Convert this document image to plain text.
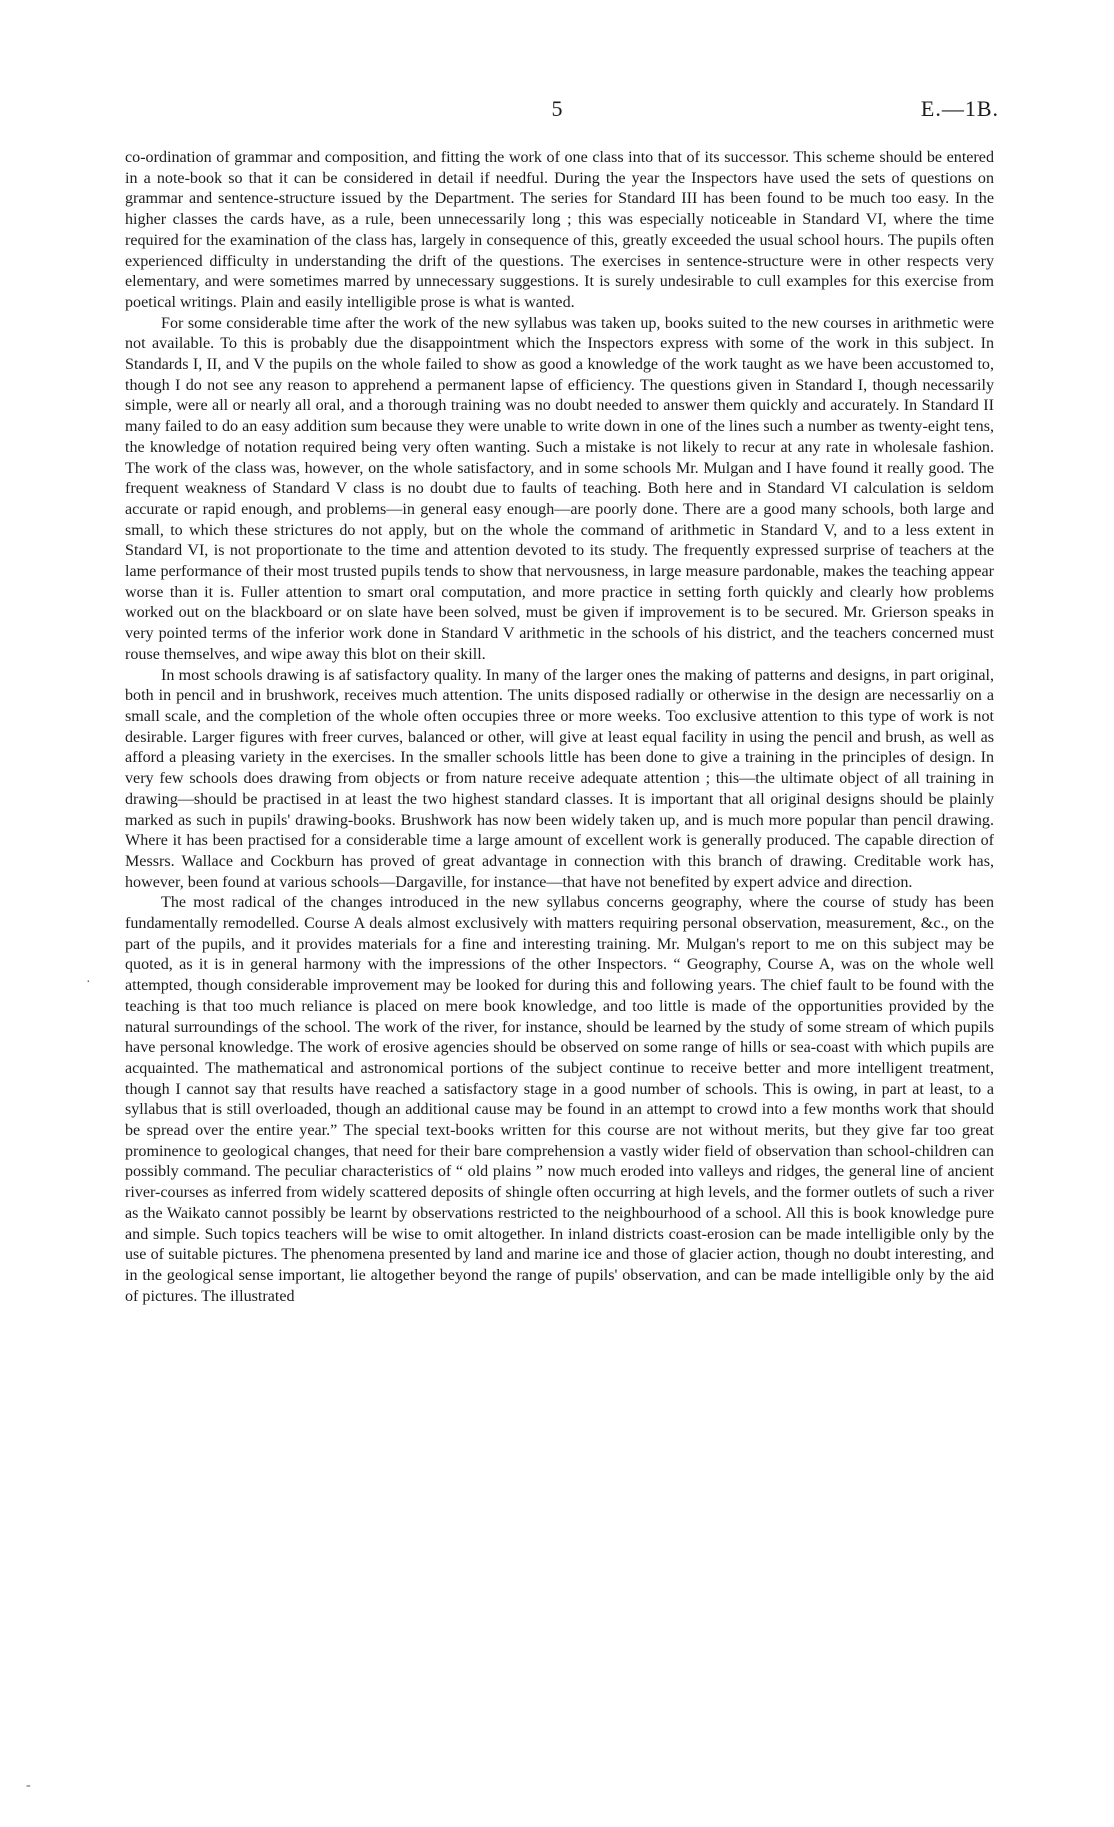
5	E.—1B.

co-ordination of grammar and composition, and fitting the work of one class into that of its successor. This scheme should be entered in a note-book so that it can be considered in detail if needful. During the year the Inspectors have used the sets of questions on grammar and sentence-structure issued by the Department. The series for Standard III has been found to be much too easy. In the higher classes the cards have, as a rule, been unnecessarily long ; this was especially noticeable in Standard VI, where the time required for the examination of the class has, largely in consequence of this, greatly exceeded the usual school hours. The pupils often experienced difficulty in understanding the drift of the questions. The exercises in sentence-structure were in other respects very elementary, and were sometimes marred by unnecessary suggestions. It is surely undesirable to cull examples for this exercise from poetical writings. Plain and easily intelligible prose is what is wanted.

For some considerable time after the work of the new syllabus was taken up, books suited to the new courses in arithmetic were not available. To this is probably due the disappointment which the Inspectors express with some of the work in this subject. In Standards I, II, and V the pupils on the whole failed to show as good a knowledge of the work taught as we have been accustomed to, though I do not see any reason to apprehend a permanent lapse of efficiency. The questions given in Standard I, though necessarily simple, were all or nearly all oral, and a thorough training was no doubt needed to answer them quickly and accurately. In Standard II many failed to do an easy addition sum because they were unable to write down in one of the lines such a number as twenty-eight tens, the knowledge of notation required being very often wanting. Such a mistake is not likely to recur at any rate in wholesale fashion. The work of the class was, however, on the whole satisfactory, and in some schools Mr. Mulgan and I have found it really good. The frequent weakness of Standard V class is no doubt due to faults of teaching. Both here and in Standard VI calculation is seldom accurate or rapid enough, and problems—in general easy enough—are poorly done. There are a good many schools, both large and small, to which these strictures do not apply, but on the whole the command of arithmetic in Standard V, and to a less extent in Standard VI, is not proportionate to the time and attention devoted to its study. The frequently expressed surprise of teachers at the lame performance of their most trusted pupils tends to show that nervousness, in large measure pardonable, makes the teaching appear worse than it is. Fuller attention to smart oral computation, and more practice in setting forth quickly and clearly how problems worked out on the blackboard or on slate have been solved, must be given if improvement is to be secured. Mr. Grierson speaks in very pointed terms of the inferior work done in Standard V arithmetic in the schools of his district, and the teachers concerned must rouse themselves, and wipe away this blot on their skill.

In most schools drawing is af satisfactory quality. In many of the larger ones the making of patterns and designs, in part original, both in pencil and in brushwork, receives much attention. The units disposed radially or otherwise in the design are necessarliy on a small scale, and the completion of the whole often occupies three or more weeks. Too exclusive attention to this type of work is not desirable. Larger figures with freer curves, balanced or other, will give at least equal facility in using the pencil and brush, as well as afford a pleasing variety in the exercises. In the smaller schools little has been done to give a training in the principles of design. In very few schools does drawing from objects or from nature receive adequate attention ; this—the ultimate object of all training in drawing—should be practised in at least the two highest standard classes. It is important that all original designs should be plainly marked as such in pupils' drawing-books. Brushwork has now been widely taken up, and is much more popular than pencil drawing. Where it has been practised for a considerable time a large amount of excellent work is generally produced. The capable direction of Messrs. Wallace and Cockburn has proved of great advantage in connection with this branch of drawing. Creditable work has, however, been found at various schools—Dargaville, for instance—that have not benefited by expert advice and direction.

The most radical of the changes introduced in the new syllabus concerns geography, where the course of study has been fundamentally remodelled. Course A deals almost exclusively with matters requiring personal observation, measurement, &c., on the part of the pupils, and it provides materials for a fine and interesting training. Mr. Mulgan's report to me on this subject may be quoted, as it is in general harmony with the impressions of the other Inspectors. “ Geography, Course A, was on the whole well attempted, though considerable improvement may be looked for during this and following years. The chief fault to be found with the teaching is that too much reliance is placed on mere book knowledge, and too little is made of the opportunities provided by the natural surroundings of the school. The work of the river, for instance, should be learned by the study of some stream of which pupils have personal knowledge. The work of erosive agencies should be observed on some range of hills or sea-coast with which pupils are acquainted. The mathematical and astronomical portions of the subject continue to receive better and more intelligent treatment, though I cannot say that results have reached a satisfactory stage in a good number of schools. This is owing, in part at least, to a syllabus that is still overloaded, though an additional cause may be found in an attempt to crowd into a few months work that should be spread over the entire year.” The special text-books written for this course are not without merits, but they give far too great prominence to geological changes, that need for their bare comprehension a vastly wider field of observation than school-children can possibly command. The peculiar characteristics of “ old plains ” now much eroded into valleys and ridges, the general line of ancient river-courses as inferred from widely scattered deposits of shingle often occurring at high levels, and the former outlets of such a river as the Waikato cannot possibly be learnt by observations restricted to the neighbourhood of a school. All this is book knowledge pure and simple. Such topics teachers will be wise to omit altogether. In inland districts coast-erosion can be made intelligible only by the use of suitable pictures. The phenomena presented by land and marine ice and those of glacier action, though no doubt interesting, and in the geological sense important, lie altogether beyond the range of pupils' observation, and can be made intelligible only by the aid of pictures. The illustrated

·
-
